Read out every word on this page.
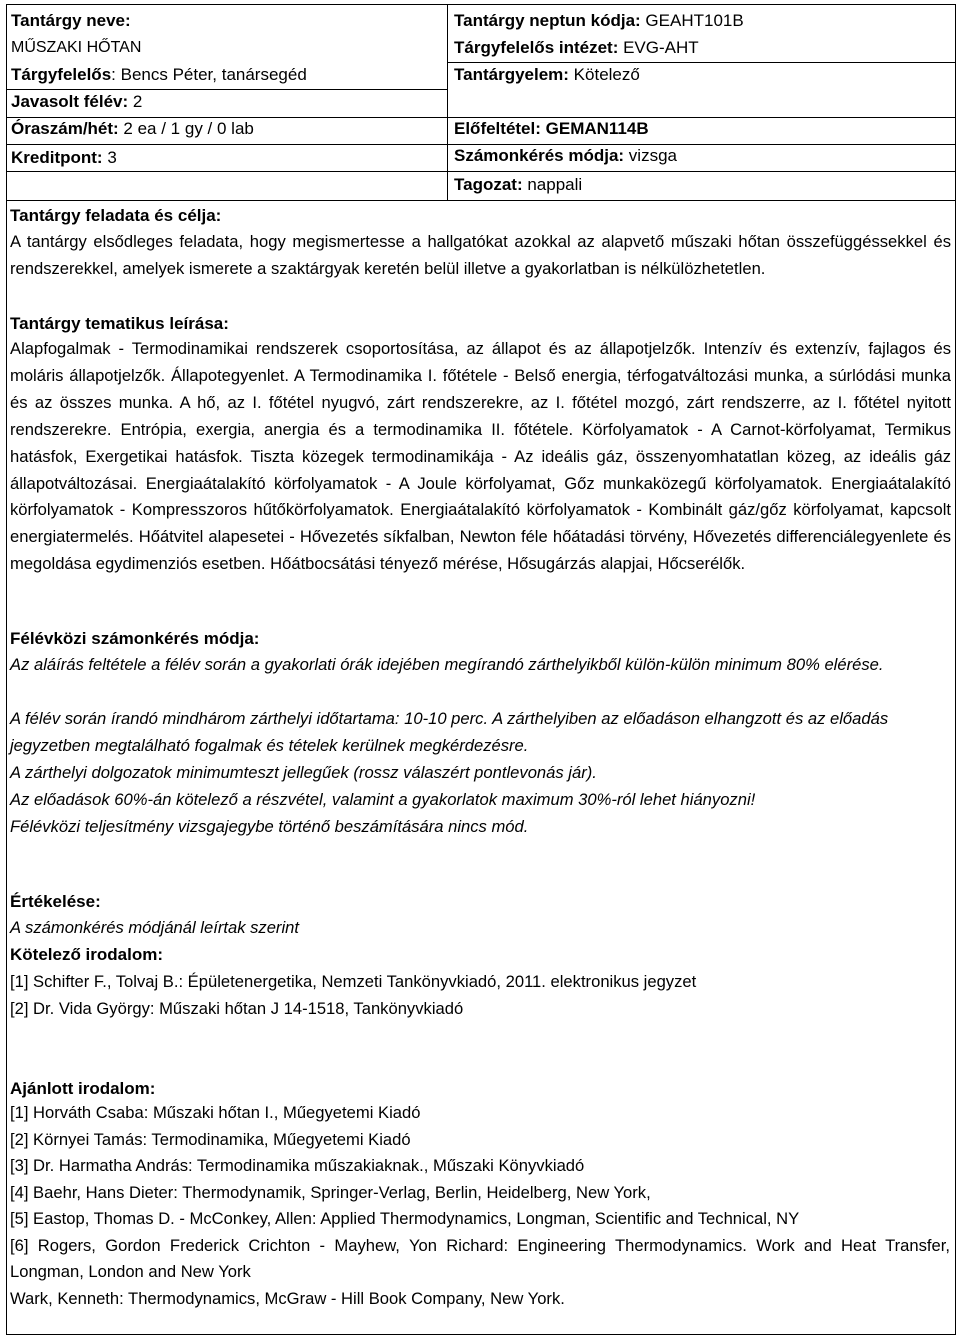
Tantárgy neve:
MŰSZAKI HŐTAN
Tárgyfelelős: Bencs Péter, tanársegéd
Javasolt félév: 2
Óraszám/hét: 2 ea / 1 gy / 0 lab
Kreditpont: 3
Tantárgy neptun kódja: GEAHT101B
Tárgyfelelős intézet: EVG-AHT
Tantárgyelem: Kötelező

Előfeltétel: GEMAN114B
Számonkérés módja: vizsga
Tagozat: nappali
Tantárgy feladata és célja:
A tantárgy elsődleges feladata, hogy megismertesse a hallgatókat azokkal az alapvető műszaki hőtan összefüggéssekkel és rendszerekkel, amelyek ismerete a szaktárgyak keretén belül illetve a gyakorlatban is nélkülözhetetlen.
Tantárgy tematikus leírása:
Alapfogalmak - Termodinamikai rendszerek csoportosítása, az állapot és az állapotjelzők. Intenzív és extenzív, fajlagos és moláris állapotjelzők. Állapotegyenlet. A Termodinamika I. főtétele - Belső energia, térfogatváltozási munka, a súrlódási munka és az összes munka. A hő, az I. főtétel nyugvó, zárt rendszerekre, az I. főtétel mozgó, zárt rendszerre, az I. főtétel nyitott rendszerekre. Entrópia, exergia, anergia és a termodinamika II. főtétele. Körfolyamatok - A Carnot-körfolyamat, Termikus hatásfok, Exergetikai hatásfok. Tiszta közegek termodinamikája - Az ideális gáz, összenyomhatatlan közeg, az ideális gáz állapotváltozásai. Energiaátalakító körfolyamatok - A Joule körfolyamat, Gőz munkaközegű körfolyamatok. Energiaátalakító körfolyamatok - Kompresszoros hűtőkörfolyamatok. Energiaátalakító körfolyamatok - Kombinált gáz/gőz körfolyamat, kapcsolt energiatermelés. Hőátvitel alapesetei - Hővezetés síkfalban, Newton féle hőátadási törvény, Hővezetés differenciálegyenlete és megoldása egydimenziós esetben. Hőátbocsátási tényező mérése, Hősugárzás alapjai, Hőcserélők.
Félévközi számonkérés módja:
Az aláírás feltétele a félév során a gyakorlati órák idejében megírandó zárthelyikből külön-külön minimum 80% elérése.
A félév során írandó mindhárom zárthelyi időtartama: 10-10 perc. A zárthelyiben az előadáson elhangzott és az előadás jegyzetben megtalálható fogalmak és tételek kerülnek megkérdezésre.
A zárthelyi dolgozatok minimumteszt jellegűek (rossz válaszért pontlevonás jár).
Az előadások 60%-án kötelező a részvétel, valamint a gyakorlatok maximum 30%-ról lehet hiányozni!
Félévközi teljesítmény vizsgajegybe történő beszámítására nincs mód.
Értékelése:
A számonkérés módjánál leírtak szerint
Kötelező irodalom:
[1] Schifter F., Tolvaj B.: Épületenergetika, Nemzeti Tankönyvkiadó, 2011. elektronikus jegyzet
[2] Dr. Vida György: Műszaki hőtan J 14-1518, Tankönyvkiadó
Ajánlott irodalom:
[1] Horváth Csaba: Műszaki hőtan I., Műegyetemi Kiadó
[2] Környei Tamás: Termodinamika, Műegyetemi Kiadó
[3] Dr. Harmatha András: Termodinamika műszakiaknak., Műszaki Könyvkiadó
[4] Baehr, Hans Dieter: Thermodynamik, Springer-Verlag, Berlin, Heidelberg, New York,
[5] Eastop, Thomas D. - McConkey, Allen: Applied Thermodynamics, Longman, Scientific and Technical, NY
[6] Rogers, Gordon Frederick Crichton - Mayhew, Yon Richard: Engineering Thermodynamics. Work and Heat Transfer, Longman, London and New York
Wark, Kenneth: Thermodynamics, McGraw - Hill Book Company, New York.
